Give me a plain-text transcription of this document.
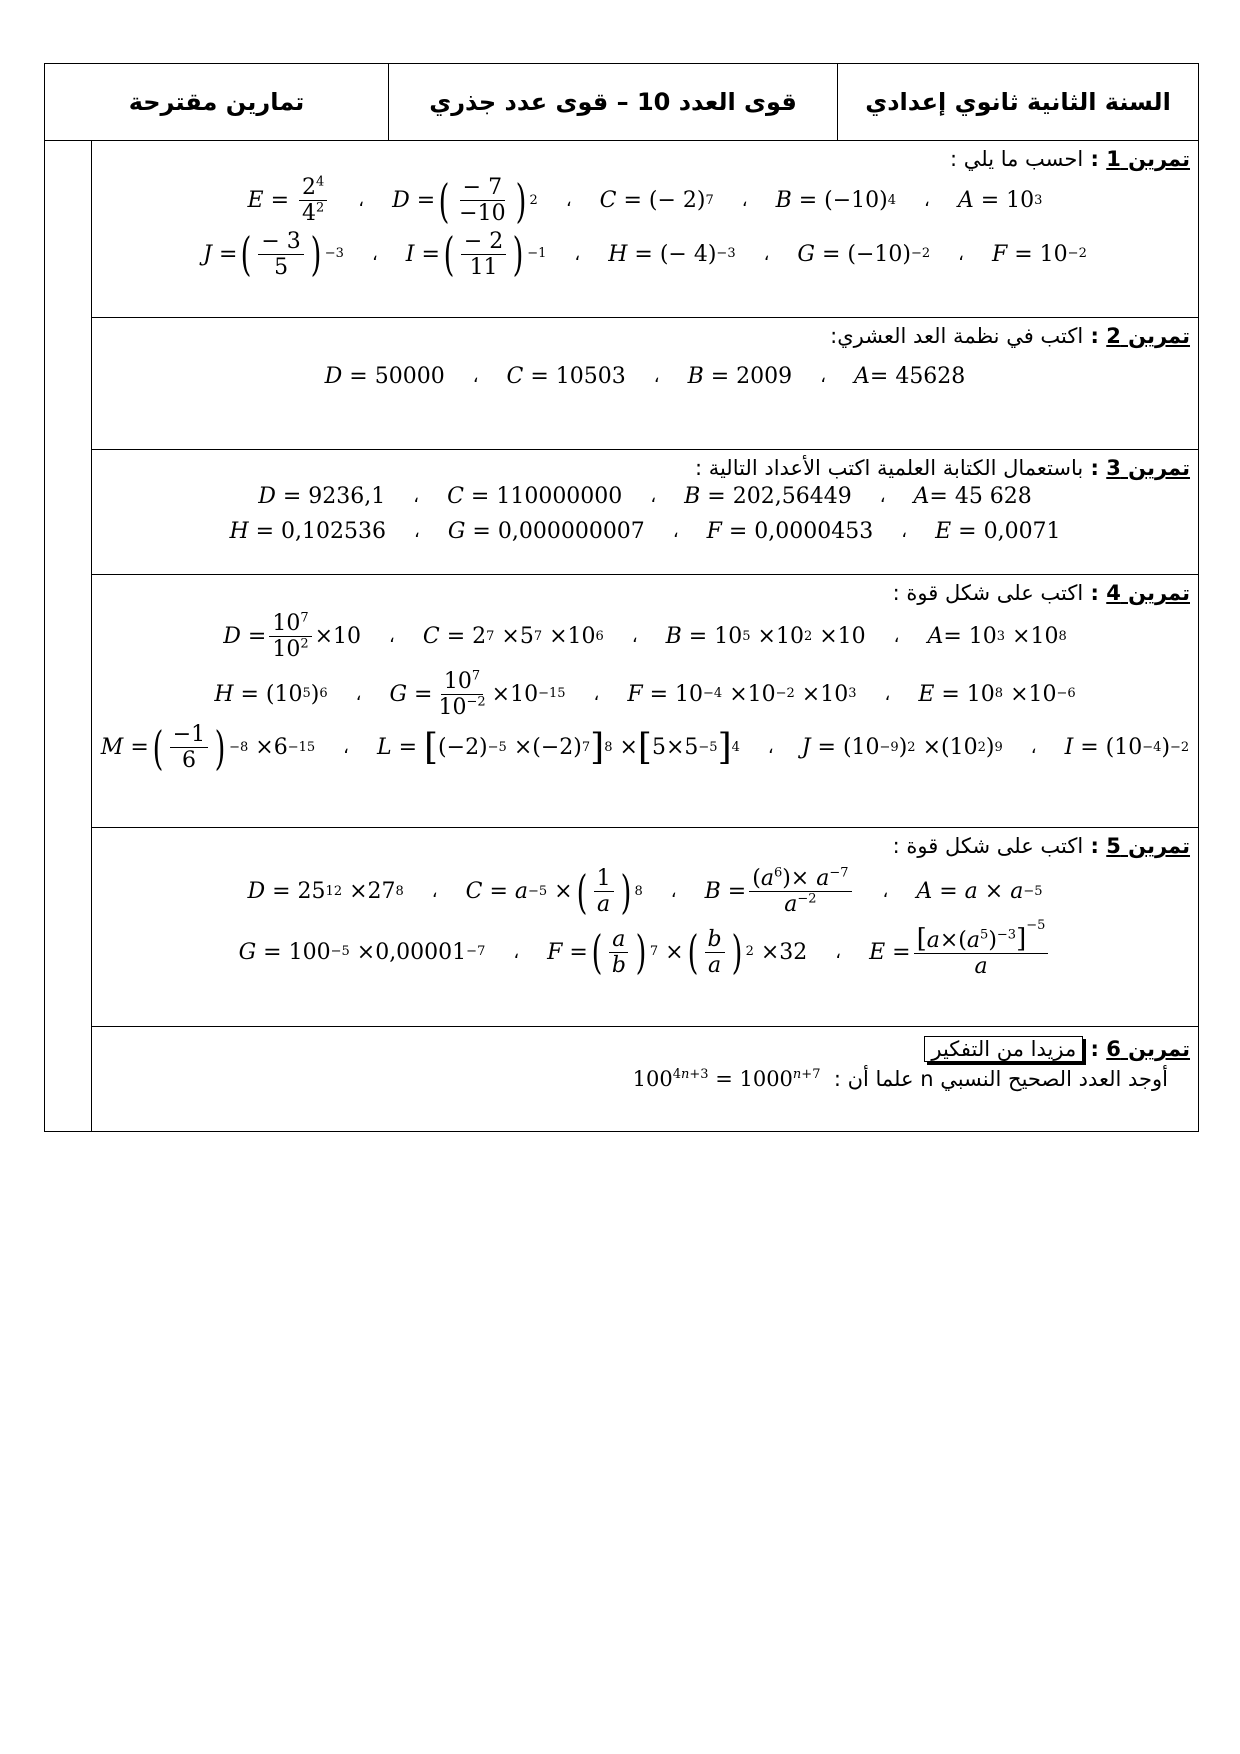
السنة الثانية ثانوي إعدادي
قوى العدد 10 – قوى عدد جذري
تمارين مقترحة
تمرين 1 : احسب ما يلي :
$E = \frac{2^4}{4^2}$	،	D = ( $\frac{- 7}{-10}$ ) 2	،	C = (− 2) 7	،	B = (−10) 4	،	A = 10 3
J = ( $\frac{- 3}{5}$ ) −3	،	I = ( $\frac{- 2}{11}$ ) −1	،	H = (− 4) −3	،	G = (−10) −2	،	F = 10 −2
تمرين 2 : اكتب في نظمة العد العشري:
D = 50000	،	C = 10503	،	B = 2009	،	A = 45628
تمرين 3 : باستعمال الكتابة العلمية اكتب الأعداد التالية :
D = 9236,1	،	C = 110000000	،	B = 202,56449	،	A = 45 628
H = 0,102536	،	G = 0,000000007	،	F = 0,0000453	،	E = 0,0071
تمرين 4 : اكتب على شكل قوة :
$D = \frac{10^7}{10^2} \times 10$	،	C = 2 7 ×5 7 ×10 6	،	B = 10 5 ×10 2 ×10	،	A = 10 3 ×10 8
H = (10 5 ) 6	،	$G = \frac{10^7}{10^{-2}} \times 10 -15$	،	F = 10 −4 ×10 −2 ×10 3	،	E = 10 8 ×10 −6
M = ( $\frac{-1}{6}$ ) −8 ×6 −15	،	L = [ (−2) −5 ×(−2) 7 ] 8 × [ 5×5 −5 ] 4	،	J = (10 −9 ) 2 ×(10 2 ) 9	،	I = (10 −4 ) −2
تمرين 5 : اكتب على شكل قوة :
D = 25 12 ×27 8	،	C = a −5 × ( $\frac{1}{a}$ ) 8	،	$B = \frac{(a^6)\times a^{-7}}{a^{-2}}$	،	A = a × a −5
G = 100 −5 ×0,00001 −7	،	F = ( $\frac{a}{b}$ ) 7 × ( $\frac{b}{a}$ ) 2 ×32	،	$E = \frac{[a\times(a^5)^{-3}]^{-5}}{a}$
تمرين 6 : مزيدا من التفكير
أوجد العدد الصحيح النسبي n علما أن :  $100^{4n+3} = 1000^{n+7}$
